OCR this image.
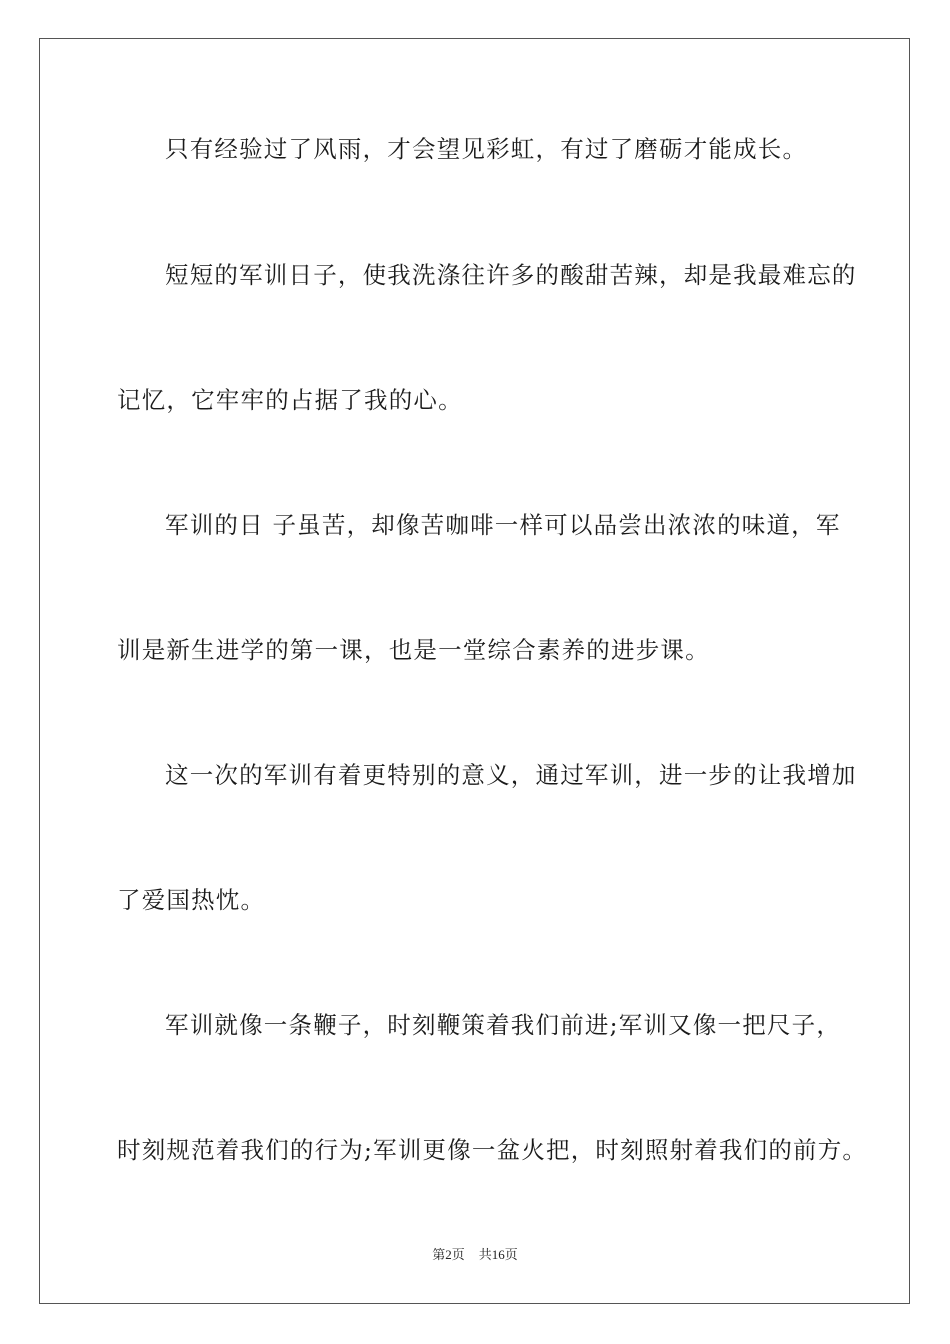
只有经验过了风雨，才会望见彩虹，有过了磨砺才能成长。
短短的军训日子，使我洗涤往许多的酸甜苦辣，却是我最难忘的
记忆，它牢牢的占据了我的心。
军训的日 子虽苦，却像苦咖啡一样可以品尝出浓浓的味道，军
训是新生进学的第一课，也是一堂综合素养的进步课。
这一次的军训有着更特别的意义，通过军训，进一步的让我增加
了爱国热忱。
军训就像一条鞭子，时刻鞭策着我们前进;军训又像一把尺子，
时刻规范着我们的行为;军训更像一盆火把，时刻照射着我们的前方。
第2页 共16页
